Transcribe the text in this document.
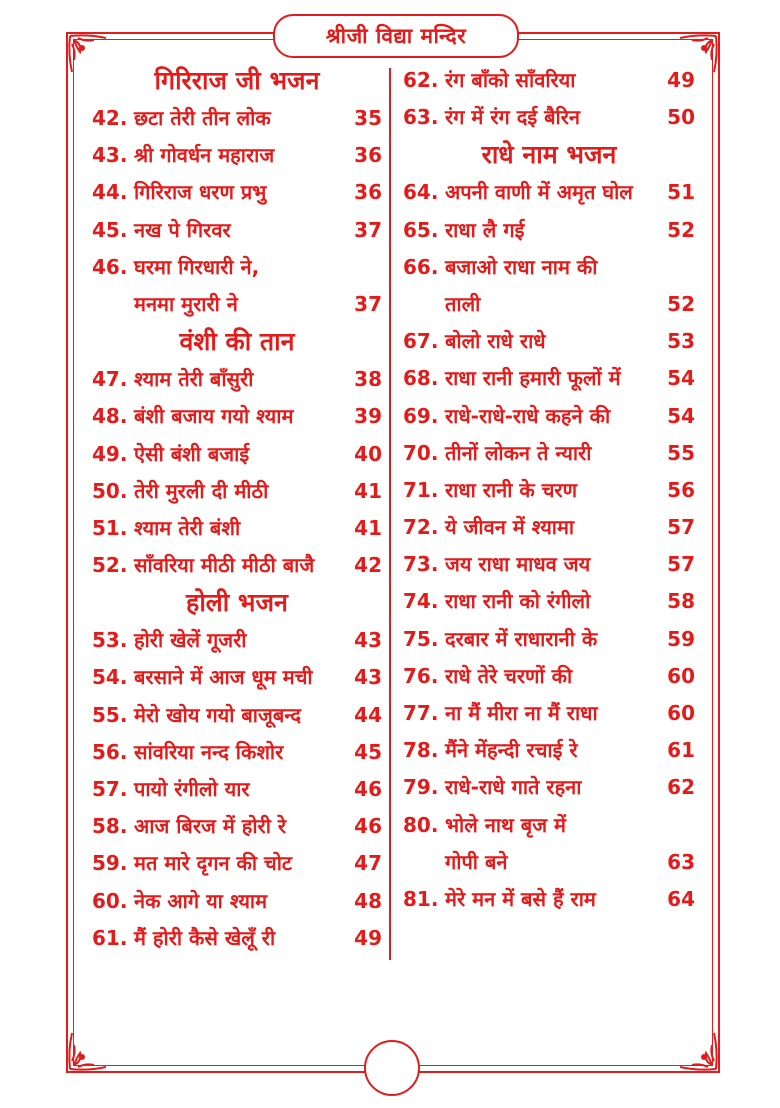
श्रीजी विद्या मन्दिर
गिरिराज जी भजन
42. छटा तेरी तीन लोक	35
43. श्री गोवर्धन महाराज	36
44. गिरिराज धरण प्रभु	36
45. नख पे गिरवर	37
46. घरमा गिरधारी ने,
मनमा मुरारी ने	37
वंशी की तान
47. श्याम तेरी बाँसुरी	38
48. बंशी बजाय गयो श्याम	39
49. ऐसी बंशी बजाई	40
50. तेरी मुरली दी मीठी	41
51. श्याम तेरी बंशी	41
52. साँवरिया मीठी मीठी बाजै	42
होली भजन
53. होरी खेलें गूजरी	43
54. बरसाने में आज धूम मची	43
55. मेरो खोय गयो बाजूबन्द	44
56. सांवरिया नन्द किशोर	45
57. पायो रंगीलो यार	46
58. आज बिरज में होरी रे	46
59. मत मारे दृगन की चोट	47
60. नेक आगे या श्याम	48
61. मैं होरी कैसे खेलूँ री	49
62. रंग बाँको साँवरिया	49
63. रंग में रंग दई बैरिन	50
राधे नाम भजन
64. अपनी वाणी में अमृत घोल	51
65. राधा लै गई	52
66. बजाओ राधा नाम की
ताली	52
67. बोलो राधे राधे	53
68. राधा रानी हमारी फूलों में	54
69. राधे-राधे-राधे कहने की	54
70. तीनों लोकन ते न्यारी	55
71. राधा रानी के चरण	56
72. ये जीवन में श्यामा	57
73. जय राधा माधव जय	57
74. राधा रानी को रंगीलो	58
75. दरबार में राधारानी के	59
76. राधे तेरे चरणों की	60
77. ना मैं मीरा ना मैं राधा	60
78. मैंने मेंहन्दी रचाई रे	61
79. राधे-राधे गाते रहना	62
80. भोले नाथ बृज में
गोपी बने	63
81. मेरे मन में बसे हैं राम	64
